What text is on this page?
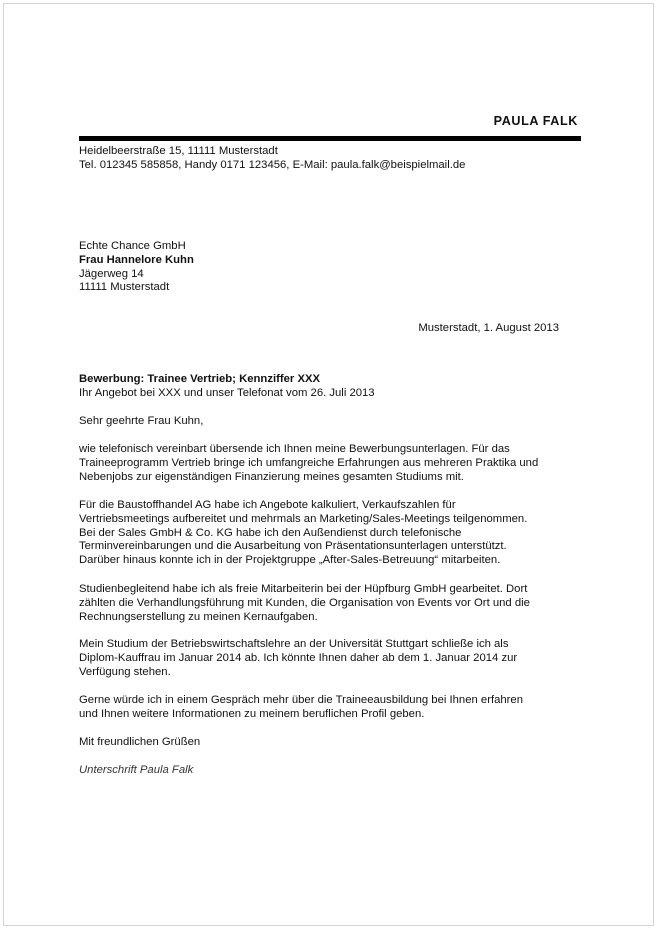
PAULA FALK
Heidelbeerstraße 15, 11111 Musterstadt
Tel. 012345 585858, Handy 0171 123456, E-Mail: paula.falk@beispielmail.de
Echte Chance GmbH
Frau Hannelore Kuhn
Jägerweg 14
11111 Musterstadt
Musterstadt, 1. August 2013
Bewerbung: Trainee Vertrieb; Kennziffer XXX
Ihr Angebot bei XXX und unser Telefonat vom 26. Juli 2013
Sehr geehrte Frau Kuhn,
wie telefonisch vereinbart übersende ich Ihnen meine Bewerbungsunterlagen. Für das
Traineeprogramm Vertrieb bringe ich umfangreiche Erfahrungen aus mehreren Praktika und
Nebenjobs zur eigenständigen Finanzierung meines gesamten Studiums mit.
Für die Baustoffhandel AG habe ich Angebote kalkuliert, Verkaufszahlen für
Vertriebsmeetings aufbereitet und mehrmals an Marketing/Sales-Meetings teilgenommen.
Bei der Sales GmbH & Co. KG habe ich den Außendienst durch telefonische
Terminvereinbarungen und die Ausarbeitung von Präsentationsunterlagen unterstützt.
Darüber hinaus konnte ich in der Projektgruppe „After-Sales-Betreuung“ mitarbeiten.
Studienbegleitend habe ich als freie Mitarbeiterin bei der Hüpfburg GmbH gearbeitet. Dort
zählten die Verhandlungsführung mit Kunden, die Organisation von Events vor Ort und die
Rechnungserstellung zu meinen Kernaufgaben.
Mein Studium der Betriebswirtschaftslehre an der Universität Stuttgart schließe ich als
Diplom-Kauffrau im Januar 2014 ab. Ich könnte Ihnen daher ab dem 1. Januar 2014 zur
Verfügung stehen.
Gerne würde ich in einem Gespräch mehr über die Traineeausbildung bei Ihnen erfahren
und Ihnen weitere Informationen zu meinem beruflichen Profil geben.
Mit freundlichen Grüßen
Unterschrift Paula Falk
